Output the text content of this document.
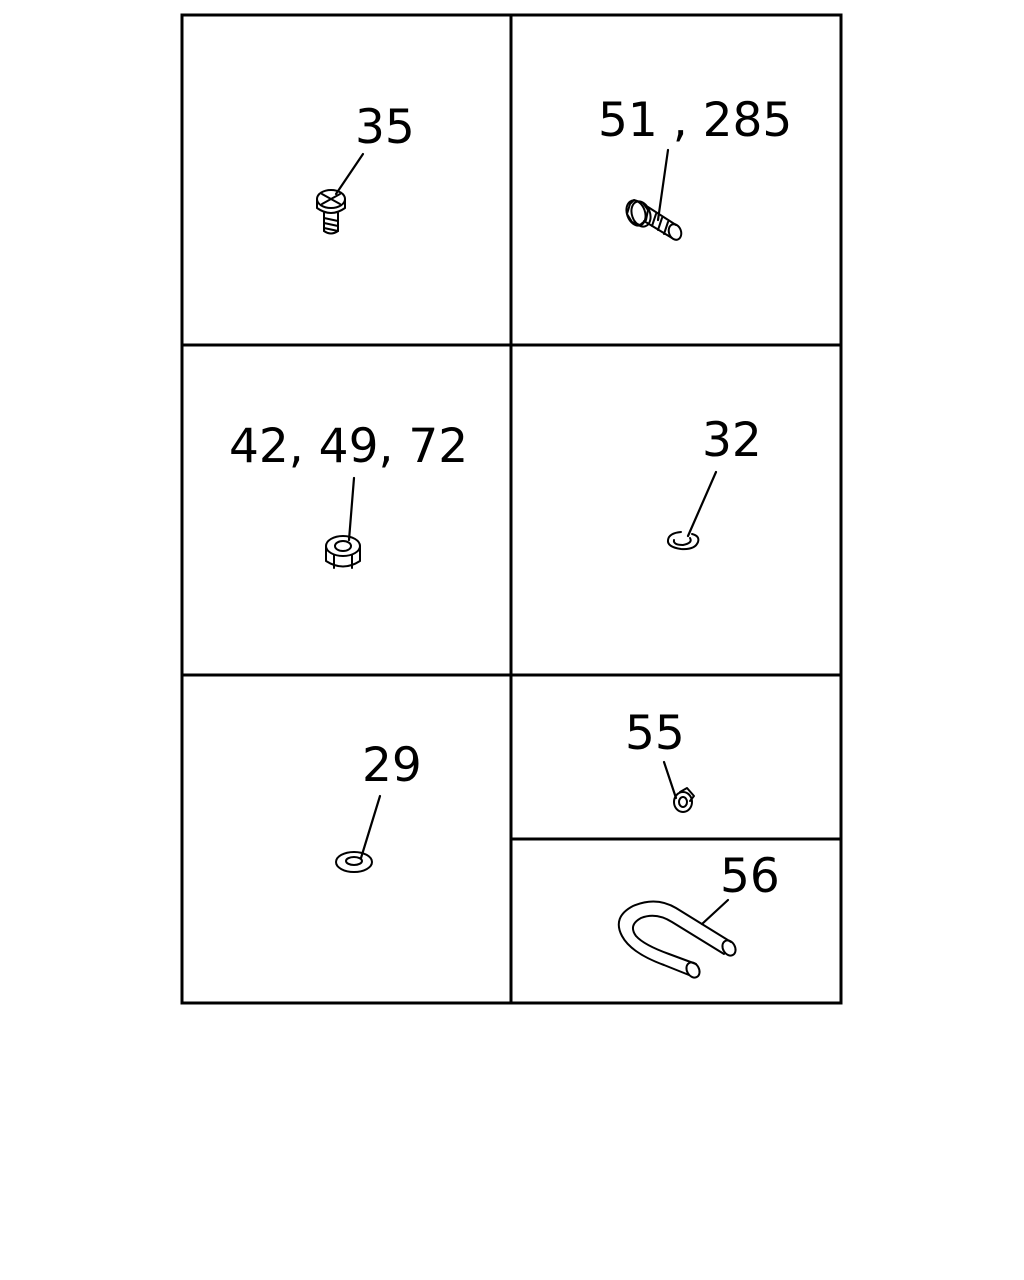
35	51 , 285
42, 49, 72	32
29
55
56
